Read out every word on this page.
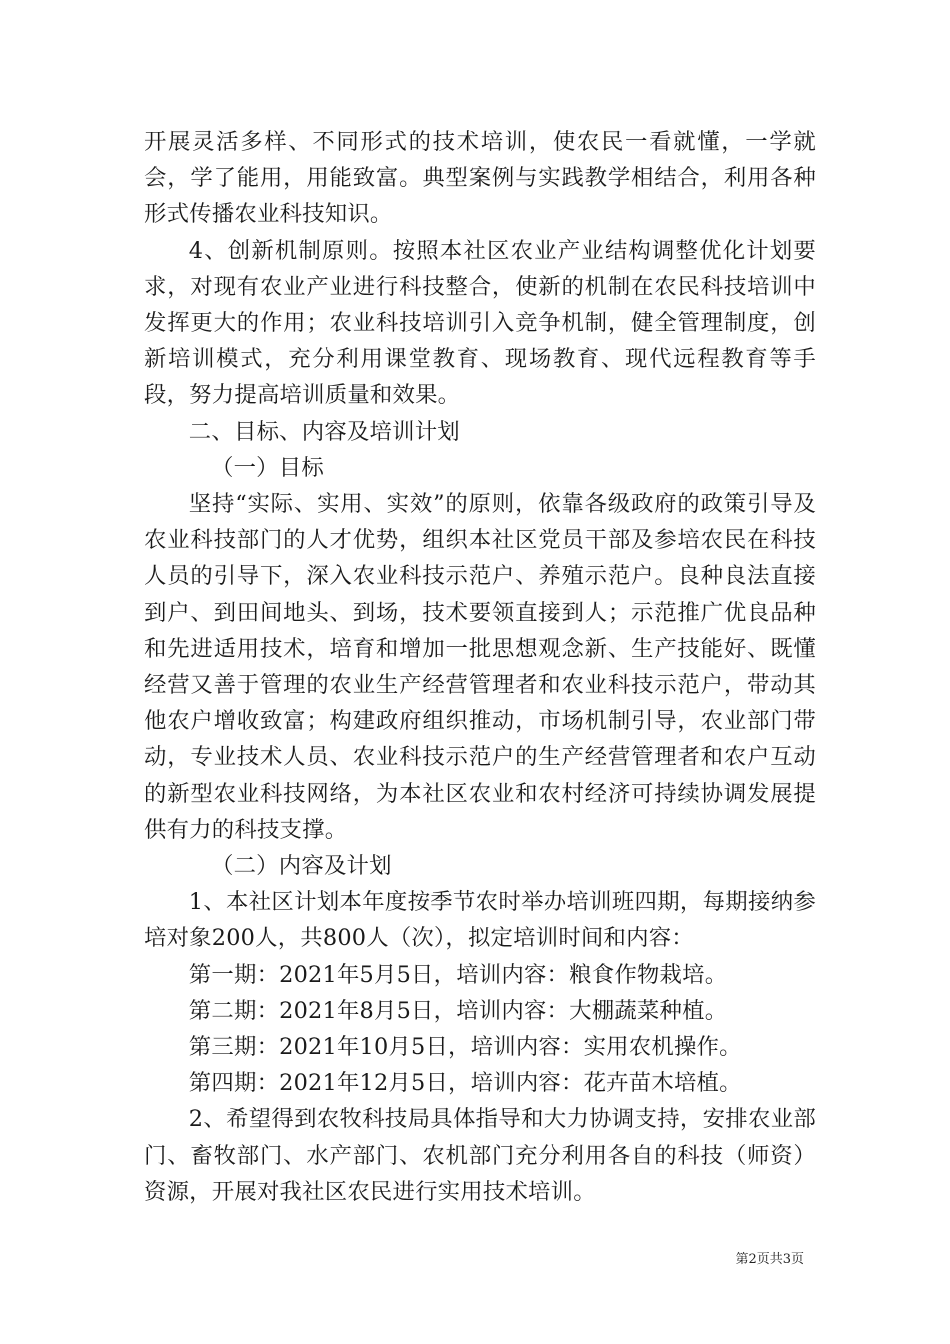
开展灵活多样、不同形式的技术培训，使农民一看就懂，一学就会，学了能用，用能致富。典型案例与实践教学相结合，利用各种形式传播农业科技知识。

4、创新机制原则。按照本社区农业产业结构调整优化计划要求，对现有农业产业进行科技整合，使新的机制在农民科技培训中发挥更大的作用；农业科技培训引入竞争机制，健全管理制度，创新培训模式，充分利用课堂教育、现场教育、现代远程教育等手段，努力提高培训质量和效果。

二、目标、内容及培训计划

（一）目标

坚持“实际、实用、实效”的原则，依靠各级政府的政策引导及农业科技部门的人才优势，组织本社区党员干部及参培农民在科技人员的引导下，深入农业科技示范户、养殖示范户。良种良法直接到户、到田间地头、到场，技术要领直接到人；示范推广优良品种和先进适用技术，培育和增加一批思想观念新、生产技能好、既懂经营又善于管理的农业生产经营管理者和农业科技示范户，带动其他农户增收致富；构建政府组织推动，市场机制引导，农业部门带动，专业技术人员、农业科技示范户的生产经营管理者和农户互动的新型农业科技网络，为本社区农业和农村经济可持续协调发展提供有力的科技支撑。

（二）内容及计划

1、本社区计划本年度按季节农时举办培训班四期，每期接纳参培对象200人，共800人（次），拟定培训时间和内容：

第一期：2021年5月5日，培训内容：粮食作物栽培。

第二期：2021年8月5日，培训内容：大棚蔬菜种植。

第三期：2021年10月5日，培训内容：实用农机操作。

第四期：2021年12月5日，培训内容：花卉苗木培植。

2、希望得到农牧科技局具体指导和大力协调支持，安排农业部门、畜牧部门、水产部门、农机部门充分利用各自的科技（师资）资源，开展对我社区农民进行实用技术培训。

第2页共3页
